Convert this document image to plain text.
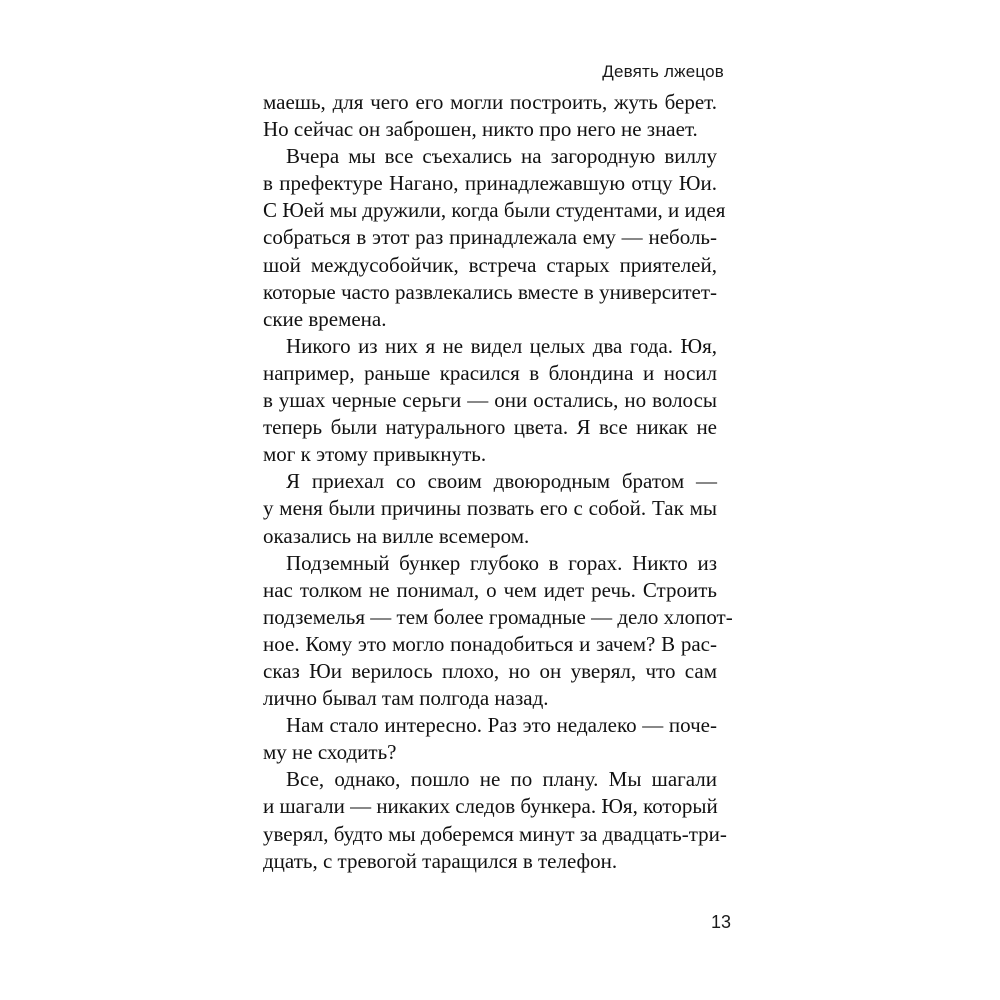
Девять лжецов
маешь, для чего его могли построить, жуть берет.
Но сейчас он заброшен, никто про него не знает.
Вчера мы все съехались на загородную виллу
в префектуре Нагано, принадлежавшую отцу Юи.
С Юей мы дружили, когда были студентами, и идея
собраться в этот раз принадлежала ему — неболь-
шой междусобойчик, встреча старых приятелей,
которые часто развлекались вместе в университет-
ские времена.
Никого из них я не видел целых два года. Юя,
например, раньше красился в блондина и носил
в ушах черные серьги — они остались, но волосы
теперь были натурального цвета. Я все никак не
мог к этому привыкнуть.
Я приехал со своим двоюродным братом —
у меня были причины позвать его с собой. Так мы
оказались на вилле всемером.
Подземный бункер глубоко в горах. Никто из
нас толком не понимал, о чем идет речь. Строить
подземелья — тем более громадные — дело хлопот-
ное. Кому это могло понадобиться и зачем? В рас-
сказ Юи верилось плохо, но он уверял, что сам
лично бывал там полгода назад.
Нам стало интересно. Раз это недалеко — поче-
му не сходить?
Все, однако, пошло не по плану. Мы шагали
и шагали — никаких следов бункера. Юя, который
уверял, будто мы доберемся минут за двадцать-три-
дцать, с тревогой таращился в телефон.
13
